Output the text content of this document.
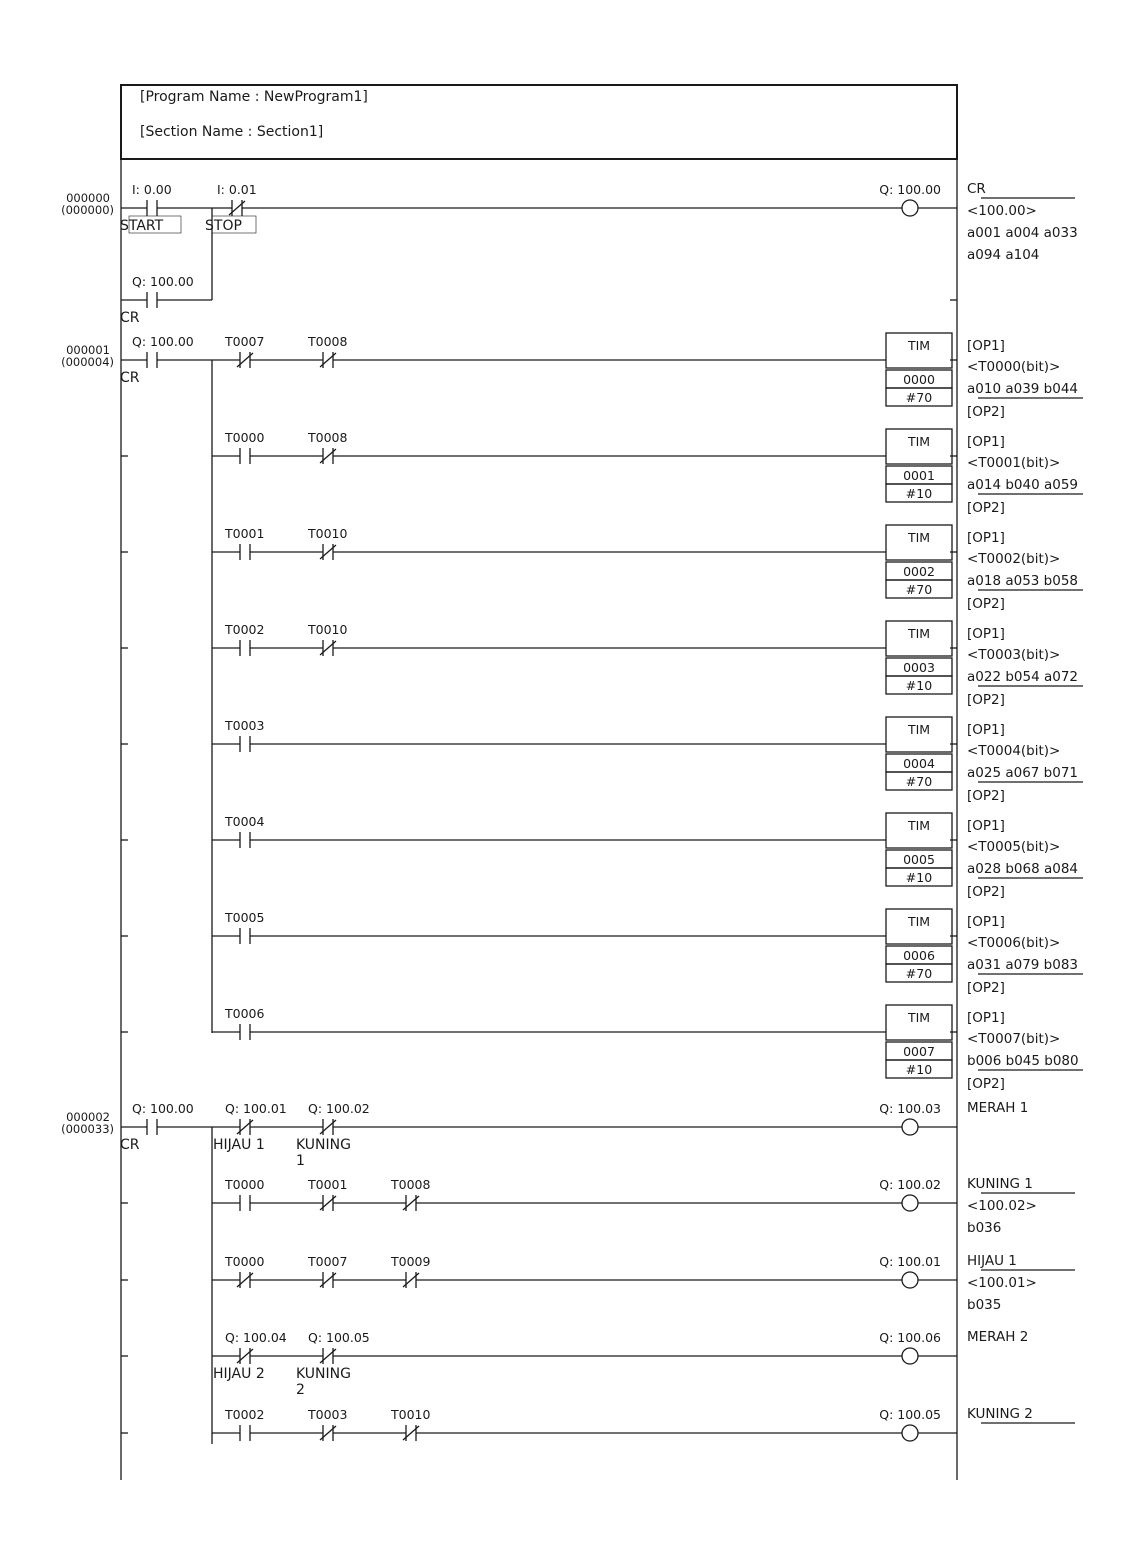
[Program Name : NewProgram1]
[Section Name : Section1]
000000
(000000)
I: 0.00
START
I: 0.01
STOP
Q: 100.00
CR
Q: 100.00 CR
<100.00>
a001 a004 a033
a094 a104
000001
(000004)
Q: 100.00
CR
T0007	T0008	TIM
0000
#70
[OP1]
<T0000(bit)>
a010 a039 b044
[OP2]
T0000	T0008	TIM
0001
#10
[OP1]
<T0001(bit)>
a014 b040 a059
[OP2]
T0001	T0010	TIM
0002
#70
[OP1]
<T0002(bit)>
a018 a053 b058
[OP2]
T0002	T0010	TIM
0003
#10
[OP1]
<T0003(bit)>
a022 b054 a072
[OP2]
T0003	TIM
0004
#70
[OP1]
<T0004(bit)>
a025 a067 b071
[OP2]
T0004	TIM
0005
#10
[OP1]
<T0005(bit)>
a028 b068 a084
[OP2]
T0005	TIM
0006
#70
[OP1]
<T0006(bit)>
a031 a079 b083
[OP2]
T0006	TIM
0007
#10
[OP1]
<T0007(bit)>
b006 b045 b080
[OP2]
000002
(000033)
Q: 100.00
CR
Q: 100.01
HIJAU 1
Q: 100.02
KUNING
1
Q: 100.03 MERAH 1
T0000	T0001	T0008	Q: 100.02 KUNING 1
<100.02>
b036
T0000	T0007	T0009	Q: 100.01 HIJAU 1
<100.01>
b035
Q: 100.04
HIJAU 2
Q: 100.05
KUNING
2
Q: 100.06 MERAH 2
T0002	T0003	T0010	Q: 100.05 KUNING 2
